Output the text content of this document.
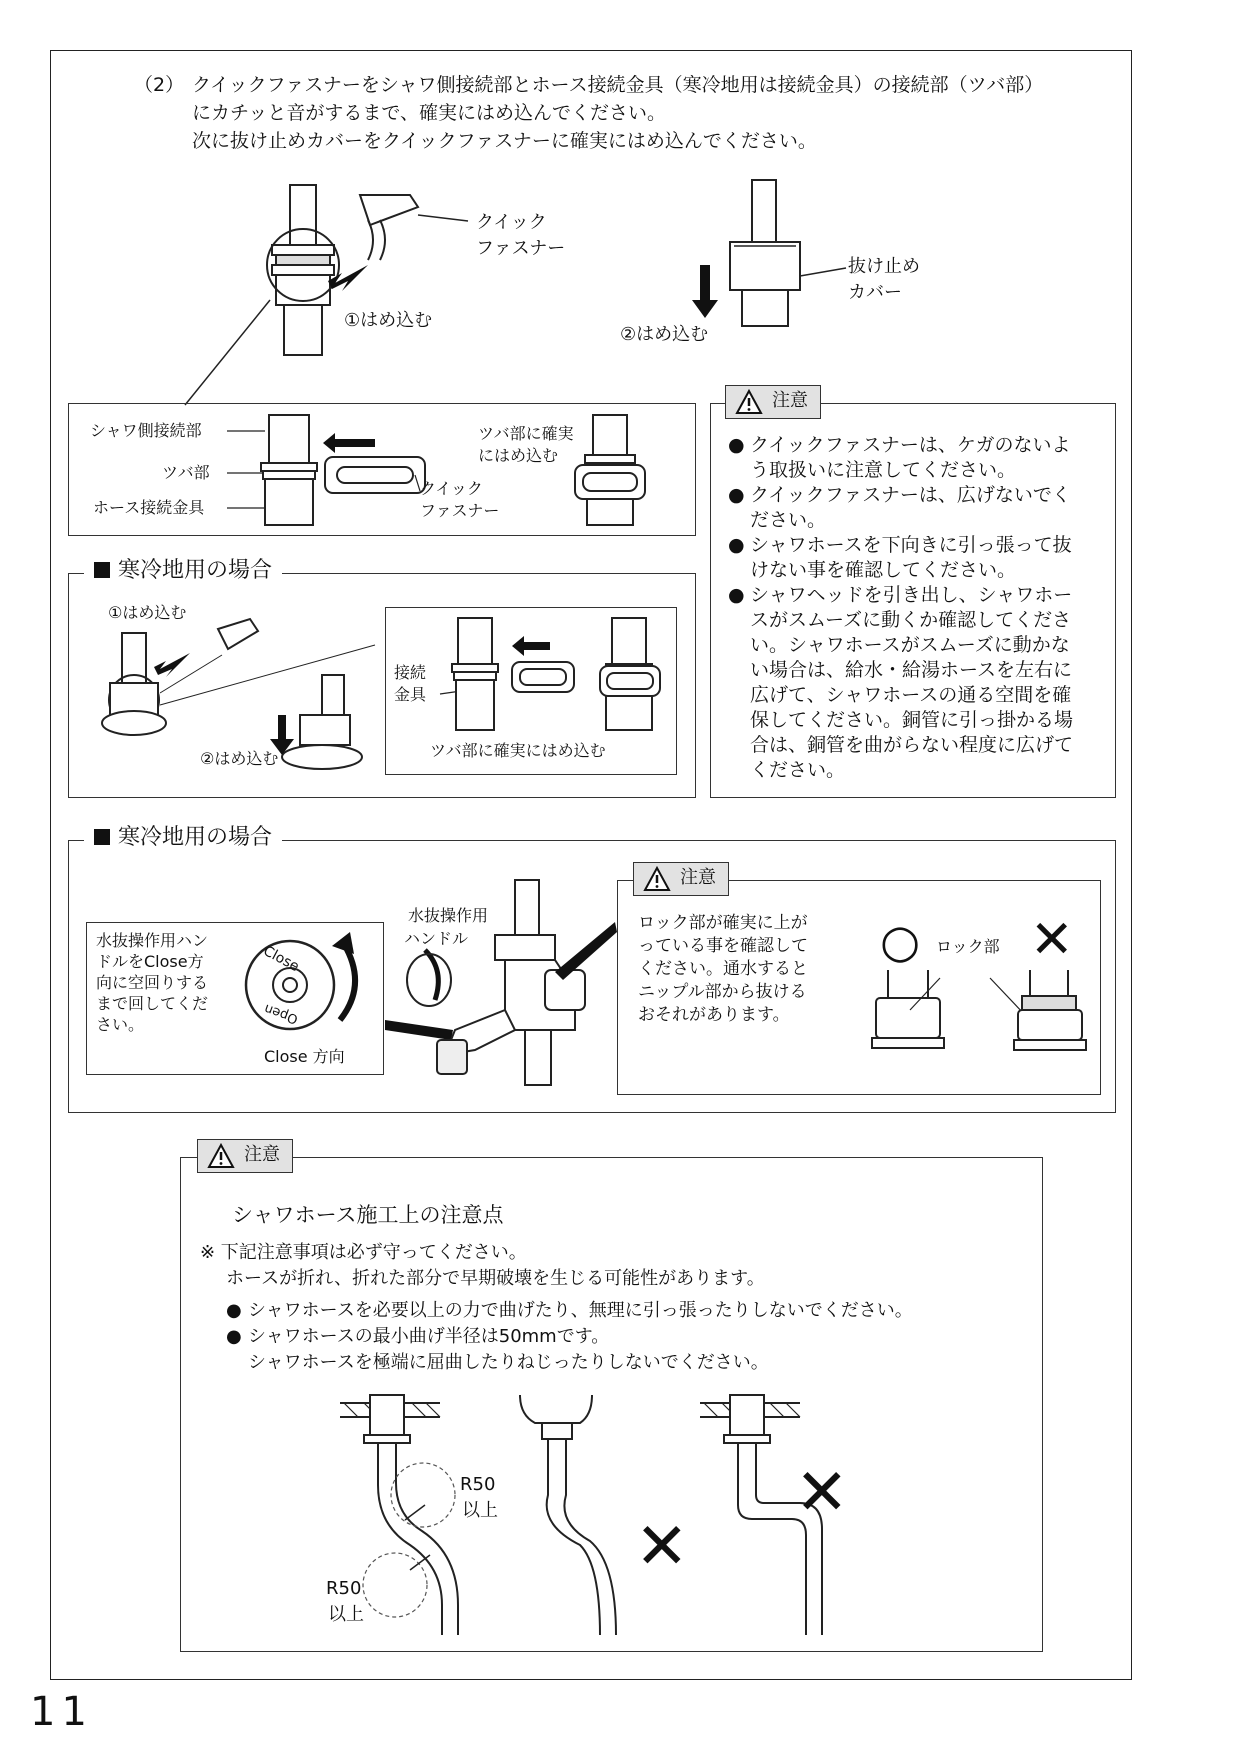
（2） クイックファスナーをシャワ側接続部とホース接続金具（寒冷地用は接続金具）の接続部（ツバ部）
にカチッと音がするまで、確実にはめ込んでください。
次に抜け止めカバーをクイックファスナーに確実にはめ込んでください。
クイック
ファスナー
①はめ込む
抜け止め
カバー
②はめ込む
シャワ側接続部
ツバ部
ホース接続金具
クイック
ファスナー
ツバ部に確実
にはめ込む
寒冷地用の場合
①はめ込む
②はめ込む
接続
金具
ツバ部に確実にはめ込む
注意
● クイックファスナーは、ケガのないよ
う取扱いに注意してください。
● クイックファスナーは、広げないでく
ださい。
● シャワホースを下向きに引っ張って抜
けない事を確認してください。
● シャワヘッドを引き出し、シャワホー
スがスムーズに動くか確認してくださ
い。シャワホースがスムーズに動かな
い場合は、給水・給湯ホースを左右に
広げて、シャワホースの通る空間を確
保してください。銅管に引っ掛かる場
合は、銅管を曲がらない程度に広げて
ください。
寒冷地用の場合
水抜操作用ハン
ドルをClose方
向に空回りする
まで回してくだ
さい。
Close
Open
Close 方向
水抜操作用
ハンドル
注意
ロック部が確実に上が
っている事を確認して
ください。通水すると
ニップル部から抜ける
おそれがあります。
○ ロック部 ✕
注意
シャワホース施工上の注意点
※ 下記注意事項は必ず守ってください。
ホースが折れ、折れた部分で早期破壊を生じる可能性があります。
● シャワホースを必要以上の力で曲げたり、無理に引っ張ったりしないでください。
● シャワホースの最小曲げ半径は50mmです。
シャワホースを極端に屈曲したりねじったりしないでください。
R50
以上
R50
以上
✕
✕
11
